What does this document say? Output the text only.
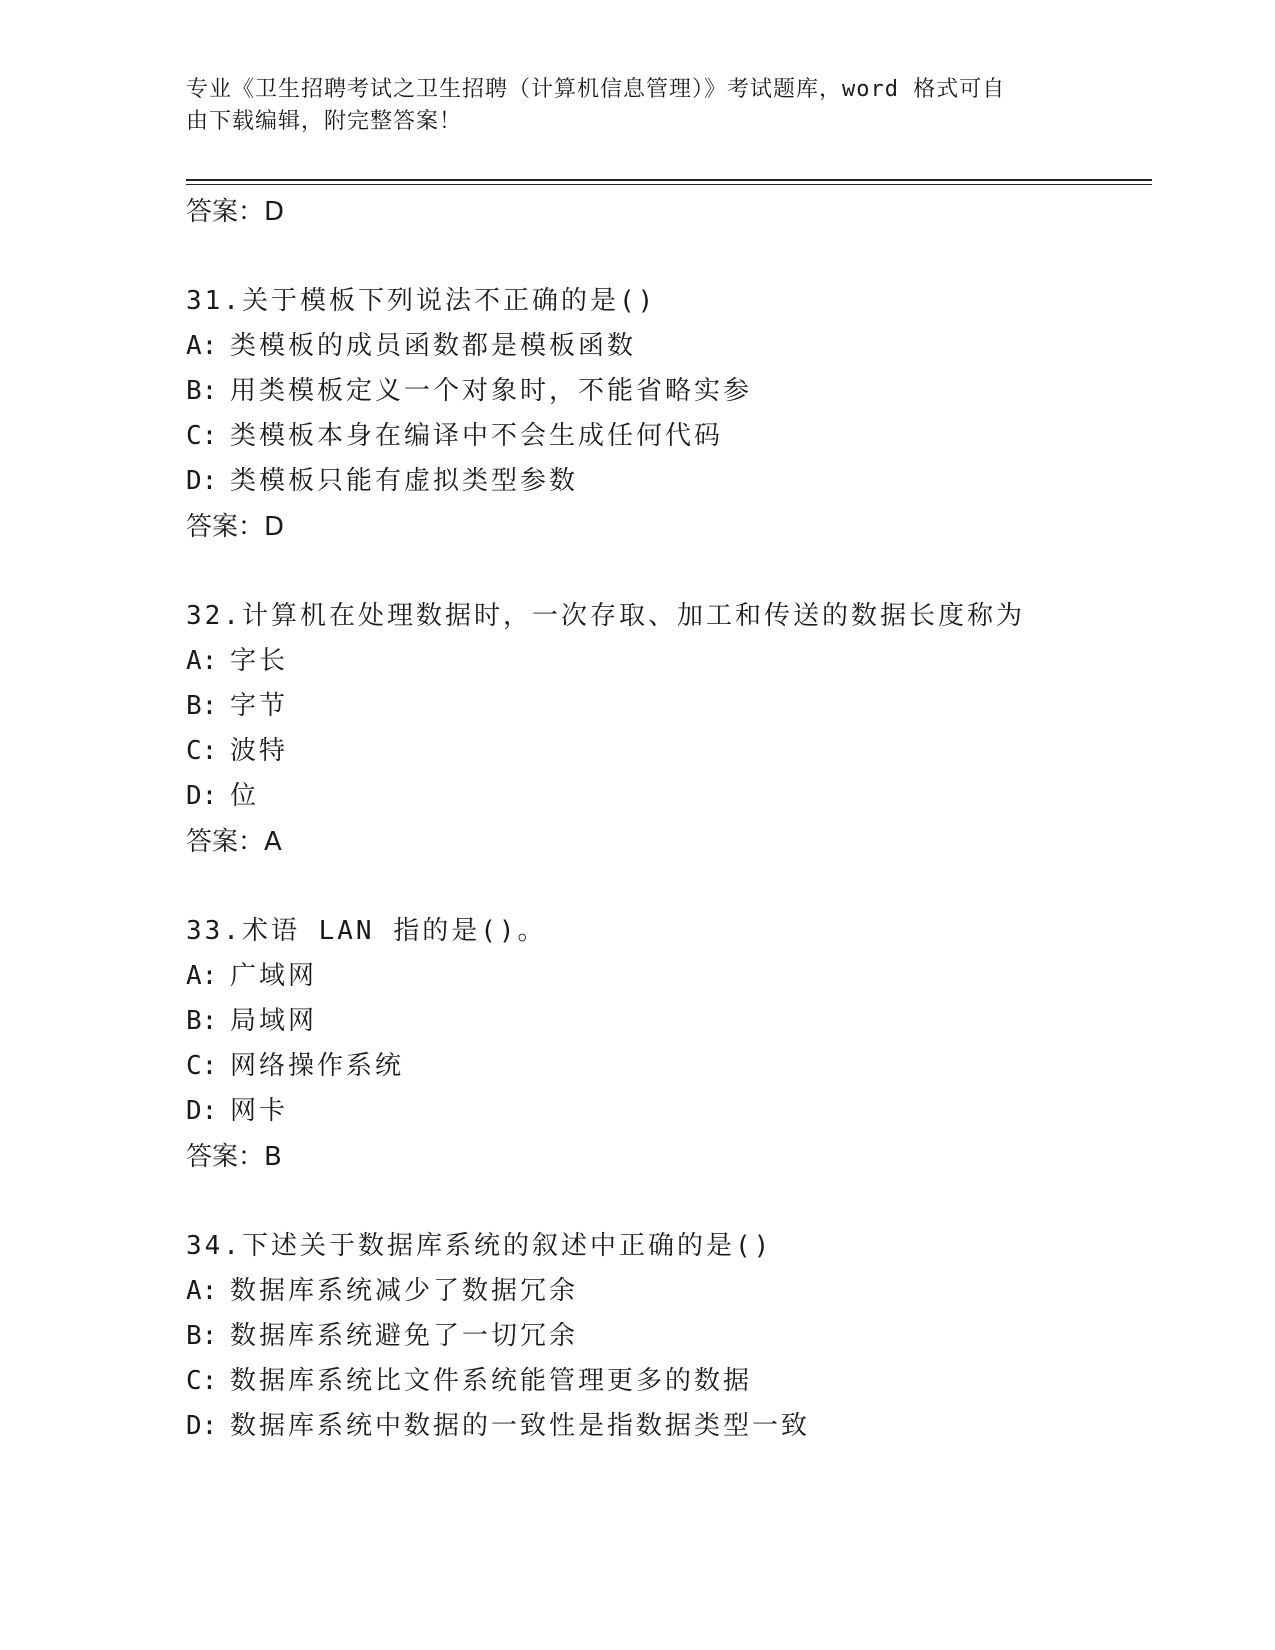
专业《卫生招聘考试之卫生招聘（计算机信息管理）》考试题库，word 格式可自
由下载编辑，附完整答案！
答案：D
31.关于模板下列说法不正确的是()
A: 类模板的成员函数都是模板函数
B: 用类模板定义一个对象时，不能省略实参
C: 类模板本身在编译中不会生成任何代码
D: 类模板只能有虚拟类型参数
答案：D
32.计算机在处理数据时，一次存取、加工和传送的数据长度称为
A: 字长
B: 字节
C: 波特
D: 位
答案：A
33.术语 LAN 指的是()。
A: 广域网
B: 局域网
C: 网络操作系统
D: 网卡
答案：B
34.下述关于数据库系统的叙述中正确的是()
A: 数据库系统减少了数据冗余
B: 数据库系统避免了一切冗余
C: 数据库系统比文件系统能管理更多的数据
D: 数据库系统中数据的一致性是指数据类型一致
